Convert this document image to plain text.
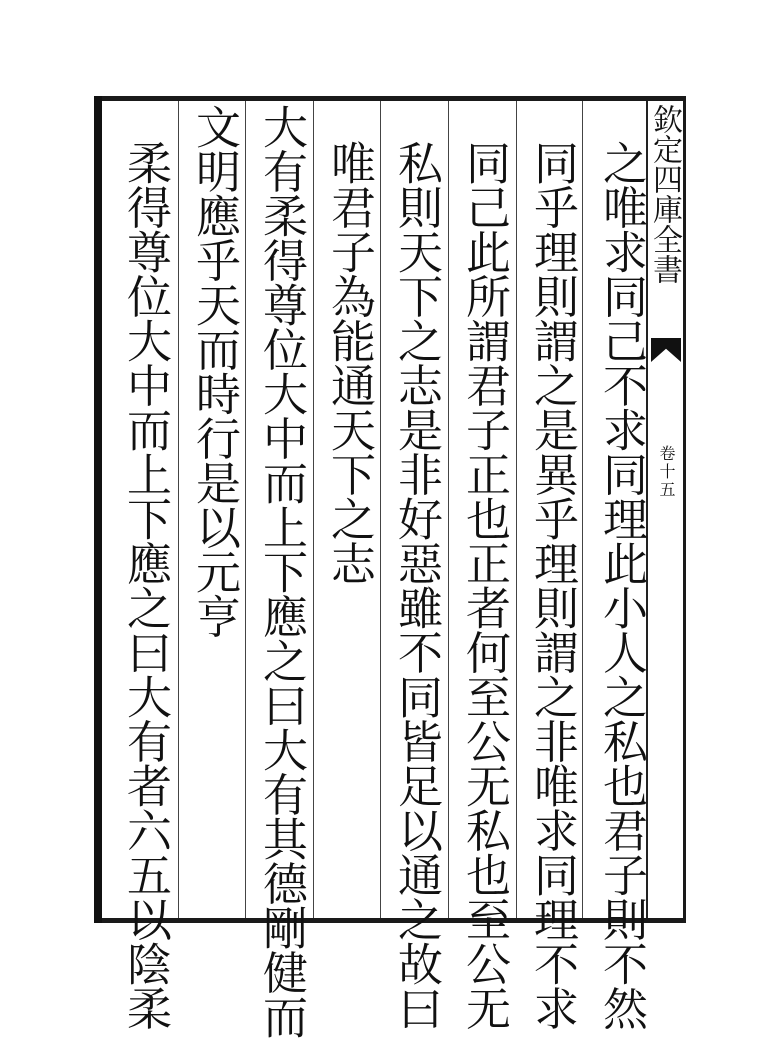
欽定四庫全書
卷十五
之唯求同己不求同理此小人之私也君子則不然
同乎理則謂之是異乎理則謂之非唯求同理不求
同己此所謂君子正也正者何至公无私也至公无
私則天下之志是非好惡雖不同皆足以通之故曰
唯君子為能通天下之志
大有柔得尊位大中而上下應之曰大有其德剛健而
文明應乎天而時行是以元亨
柔得尊位大中而上下應之曰大有者六五以陰柔
